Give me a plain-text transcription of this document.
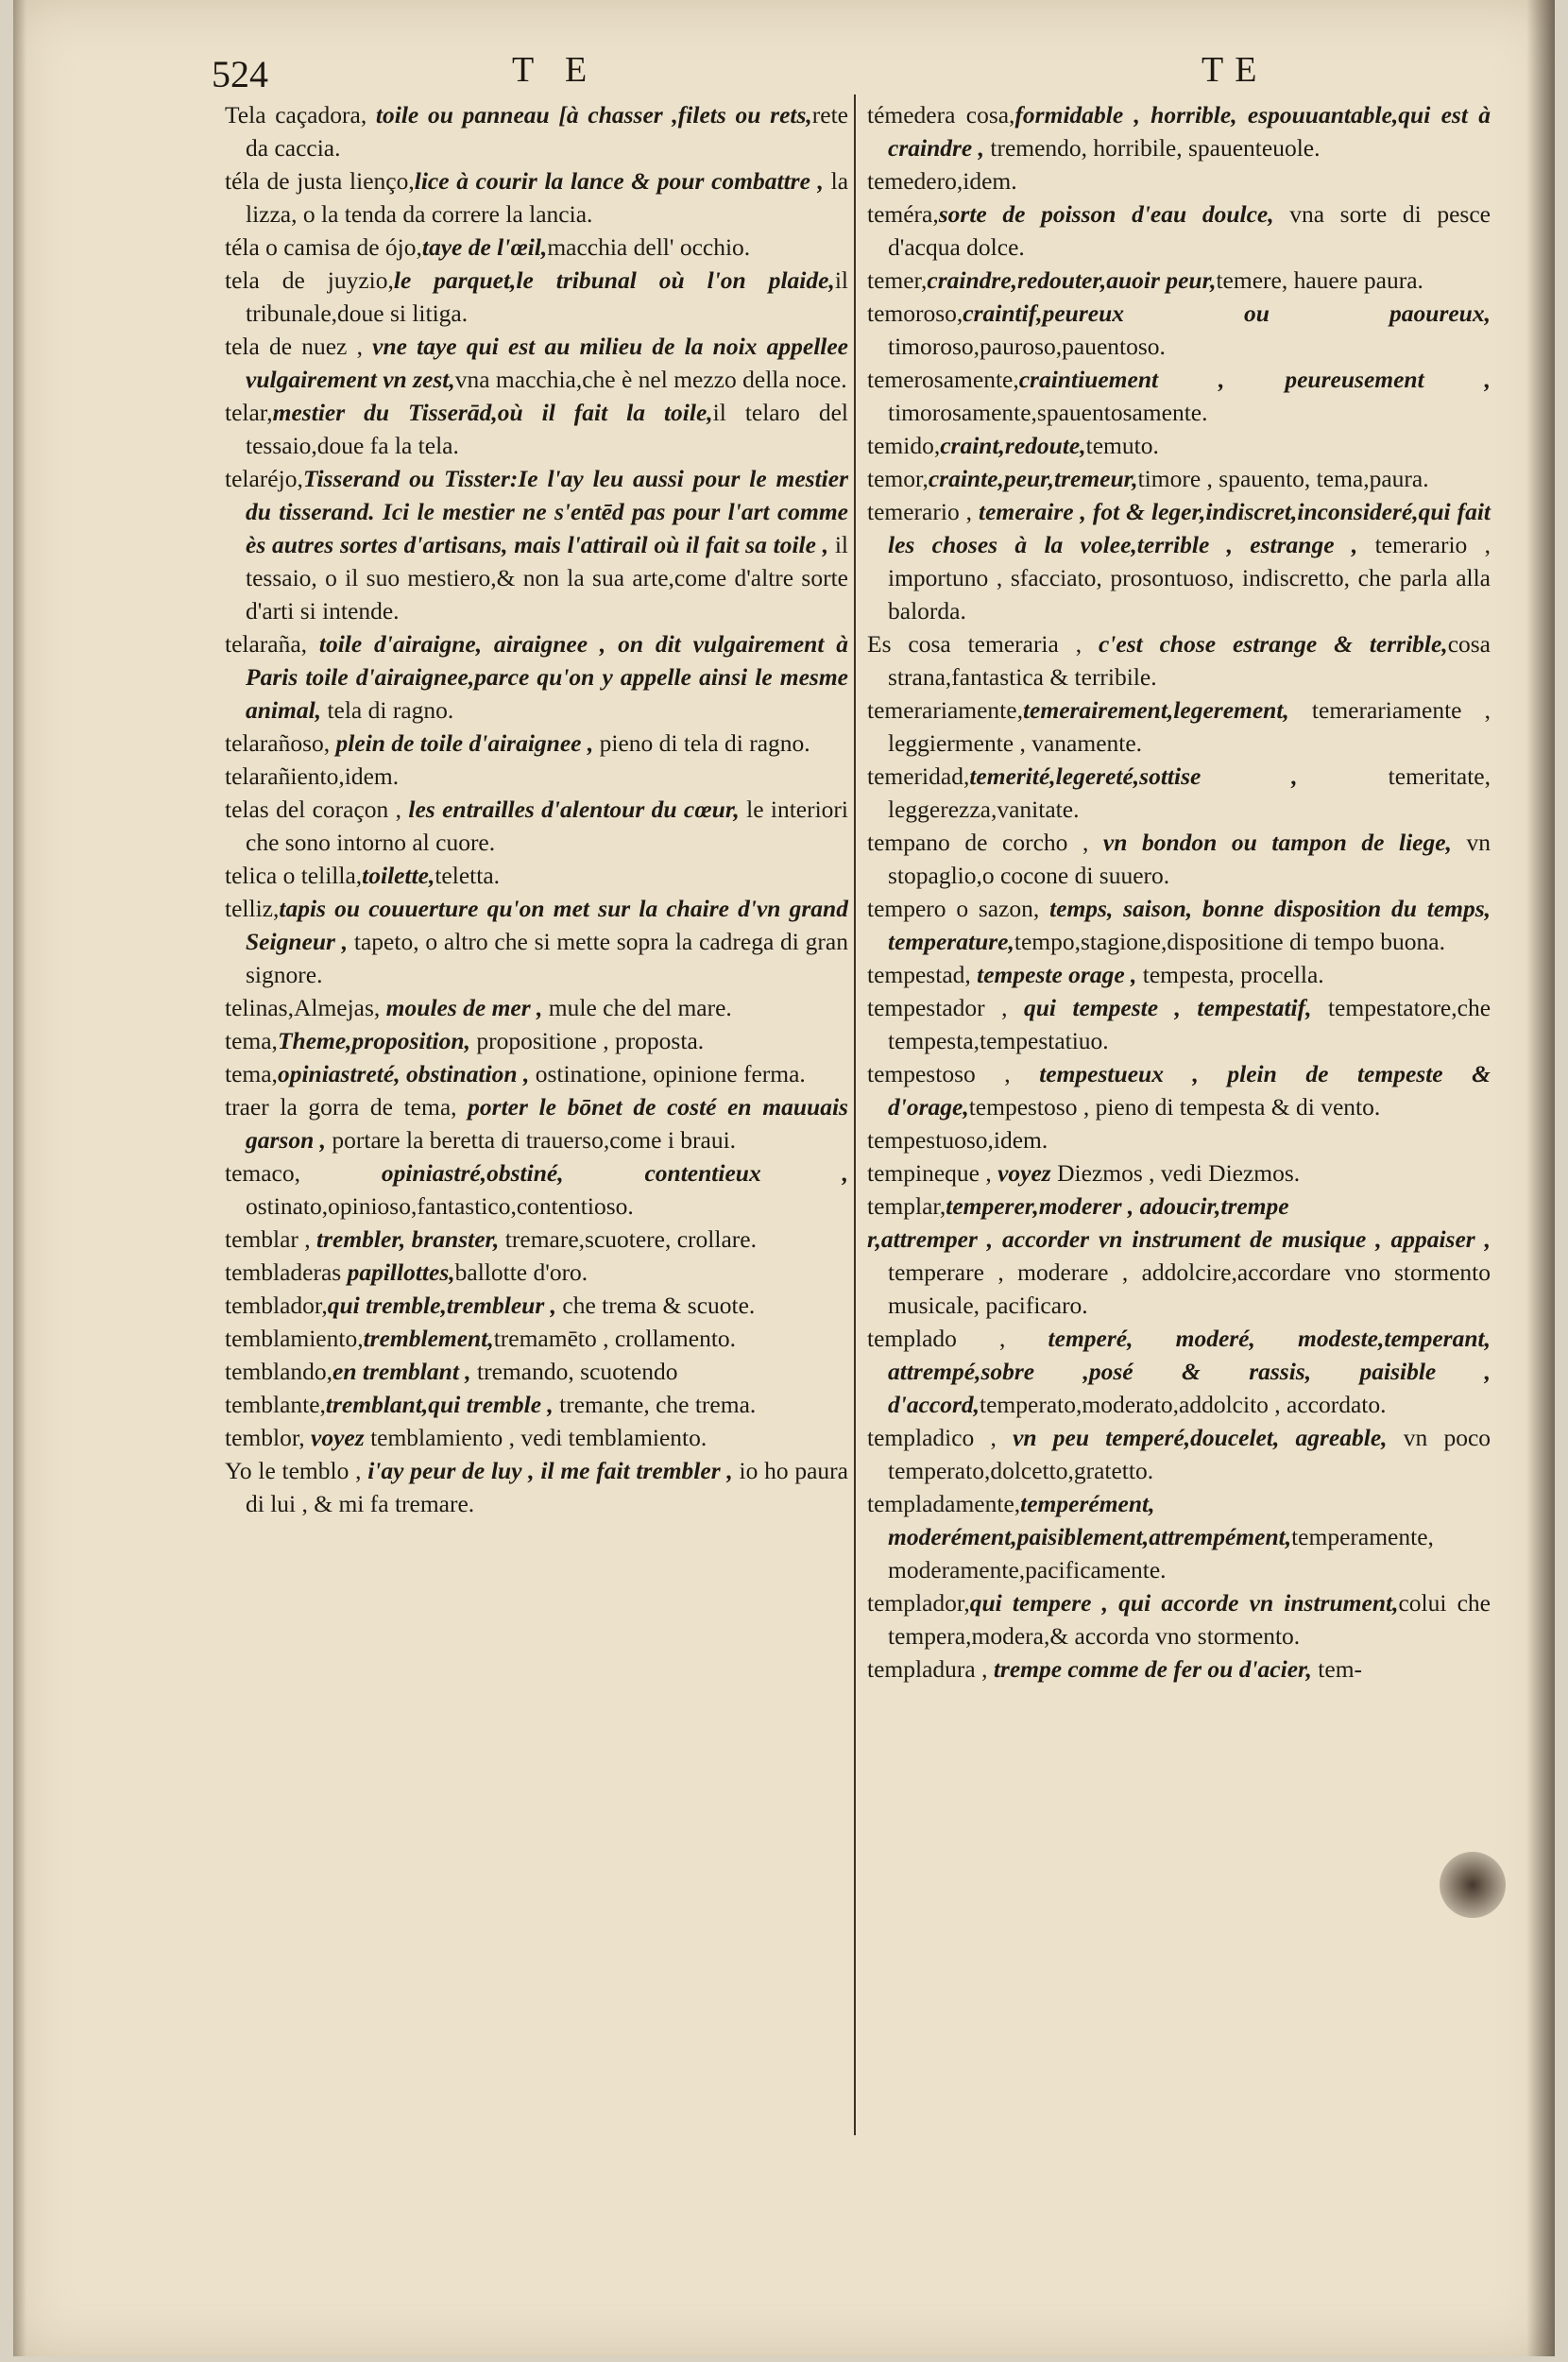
524	T E	TE

Tela caçadora, toile ou panneau [à chasser ,filets ou rets,rete da caccia.

téla de justa lienço,lice à courir la lance & pour combattre , la lizza, o la tenda da correre la lancia.

téla o camisa de ójo,taye de l'œil,macchia dell' occhio.

tela de juyzio,le parquet,le tribunal où l'on plaide,il tribunale,doue si litiga.

tela de nuez , vne taye qui est au milieu de la noix appellee vulgairement vn zest,vna macchia,che è nel mezzo della noce.

telar,mestier du Tisserād,où il fait la toile,il telaro del tessaio,doue fa la tela.

telaréjo,Tisserand ou Tisster:Ie l'ay leu aussi pour le mestier du tisserand. Ici le mestier ne s'entēd pas pour l'art comme ès autres sortes d'artisans, mais l'attirail où il fait sa toile , il tessaio, o il suo mestiero,& non la sua arte,come d'altre sorte d'arti si intende.

telaraña, toile d'airaigne, airaignee , on dit vulgairement à Paris toile d'airaignee,parce qu'on y appelle ainsi le mesme animal, tela di ragno.

telarañoso, plein de toile d'airaignee , pieno di tela di ragno.

telarañiento,idem.

telas del coraçon , les entrailles d'alentour du cœur, le interiori che sono intorno al cuore.

telica o telilla,toilette,teletta.

telliz,tapis ou couuerture qu'on met sur la chaire d'vn grand Seigneur , tapeto, o altro che si mette sopra la cadrega di gran signore.

telinas,Almejas, moules de mer , mule che del mare.

tema,Theme,proposition, propositione , proposta.

tema,opiniastreté, obstination , ostinatione, opinione ferma.

traer la gorra de tema, porter le bōnet de costé en mauuais garson , portare la beretta di trauerso,come i braui.

temaco, opiniastré,obstiné, contentieux , ostinato,opinioso,fantastico,contentioso.

temblar , trembler, branster, tremare,scuotere, crollare.

tembladeras papillottes,ballotte d'oro.

temblador,qui tremble,trembleur , che trema & scuote.

temblamiento,tremblement,tremamēto , crollamento.

temblando,en tremblant , tremando, scuotendo

temblante,tremblant,qui tremble , tremante, che trema.

temblor, voyez temblamiento , vedi temblamiento.

Yo le temblo , i'ay peur de luy , il me fait trembler , io ho paura di lui , & mi fa tremare.

témedera cosa,formidable , horrible, espouuantable,qui est à craindre , tremendo, horribile, spauenteuole.

temedero,idem.

teméra,sorte de poisson d'eau doulce, vna sorte di pesce d'acqua dolce.

temer,craindre,redouter,auoir peur,temere, hauere paura.

temoroso,craintif,peureux ou paoureux, timoroso,pauroso,pauentoso.

temerosamente,craintiuement , peureusement , timorosamente,spauentosamente.

temido,craint,redoute,temuto.

temor,crainte,peur,tremeur,timore , spauento, tema,paura.

temerario , temeraire , fot & leger,indiscret,inconsideré,qui fait les choses à la volee,terrible , estrange , temerario , importuno , sfacciato, prosontuoso, indiscretto, che parla alla balorda.

Es cosa temeraria , c'est chose estrange & terrible,cosa strana,fantastica & terribile.

temerariamente,temerairement,legerement, temerariamente , leggiermente , vanamente.

temeridad,temerité,legereté,sottise , temeritate, leggerezza,vanitate.

tempano de corcho , vn bondon ou tampon de liege, vn stopaglio,o cocone di suuero.

tempero o sazon, temps, saison, bonne disposition du temps, temperature,tempo,stagione,dispositione di tempo buona.

tempestad, tempeste orage , tempesta, procella.

tempestador , qui tempeste , tempestatif, tempestatore,che tempesta,tempestatiuo.

tempestoso , tempestueux , plein de tempeste & d'orage,tempestoso , pieno di tempesta & di vento.

tempestuoso,idem.

tempineque , voyez Diezmos , vedi Diezmos.

templar,temperer,moderer , adoucir,trempe

r,attremper , accorder vn instrument de musique , appaiser , temperare , moderare , addolcire,accordare vno stormento musicale, pacificaro.

templado , temperé, moderé, modeste,temperant, attrempé,sobre ,posé & rassis, paisible , d'accord,temperato,moderato,addolcito , accordato.

templadico , vn peu temperé,doucelet, agreable, vn poco temperato,dolcetto,gratetto.

templadamente,temperément, moderément,paisiblement,attrempément,temperamente, moderamente,pacificamente.

templador,qui tempere , qui accorde vn instrument,colui che tempera,modera,& accorda vno stormento.

templadura , trempe comme de fer ou d'acier, tem-
